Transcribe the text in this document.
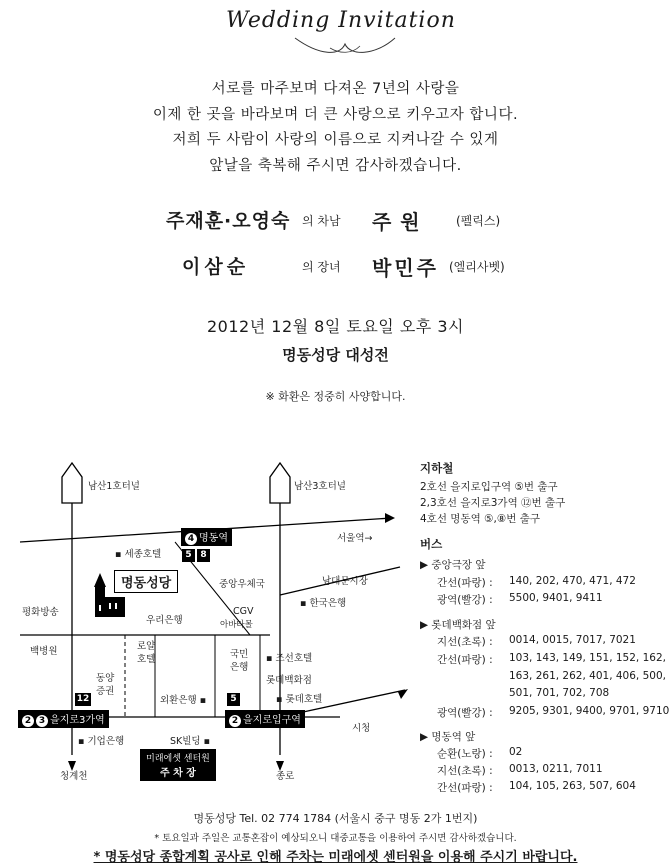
Wedding Invitation
서로를 마주보며 다져온 7년의 사랑을
이제 한 곳을 바라보며 더 큰 사랑으로 키우고자 합니다.
저희 두 사람이 사랑의 이름으로 지켜나갈 수 있게
앞날을 축복해 주시면 감사하겠습니다.
주재훈·오영숙 의 차남 주 원	(펠릭스)
이삼순	의 장녀 박민주 (엘리사벳)
2012년 12월 8일 토요일 오후 3시
명동성당 대성전
※ 화환은 정중히 사양합니다.
남산1호터널	남산3호터널
4 명동역
5 8
서울역→
남대문시장
▪ 세종호텔
중앙우체국
▪ 한국은행
명동성당
평화방송
우리은행
CGV
아바타몰
백병원	로얄호텔	국민은행
▪ 조선호텔
롯데백화점
▪ 롯데호텔
동양증권
외환은행 ▪
12	5
2 3 을지로3가역	2 을지로입구역
시청
▪ 기업은행	SK빌딩 ▪
미래에셋 센터원
주 차 장
청계천	종로
지하철
2호선 을지로입구역 ⑤번 출구
2,3호선 을지로3가역 ⑫번 출구
4호선 명동역 ⑤,⑧번 출구
버스
▶ 중앙극장 앞
간선(파랑) : 140, 202, 470, 471, 472
광역(빨강) : 5500, 9401, 9411
▶ 롯데백화점 앞
지선(초록) : 0014, 0015, 7017, 7021
간선(파랑) : 103, 143, 149, 151, 152, 162,
163, 261, 262, 401, 406, 500,
501, 701, 702, 708
광역(빨강) : 9205, 9301, 9400, 9701, 9710
▶ 명동역 앞
순환(노랑) : 02
지선(초록) : 0013, 0211, 7011
간선(파랑) : 104, 105, 263, 507, 604
명동성당 Tel. 02 774 1784 (서울시 중구 명동 2가 1번지)
* 토요일과 주일은 교통혼잡이 예상되오니 대중교통을 이용하여 주시면 감사하겠습니다.
* 명동성당 종합계획 공사로 인해 주차는 미래에셋 센터원을 이용해 주시기 바랍니다.
